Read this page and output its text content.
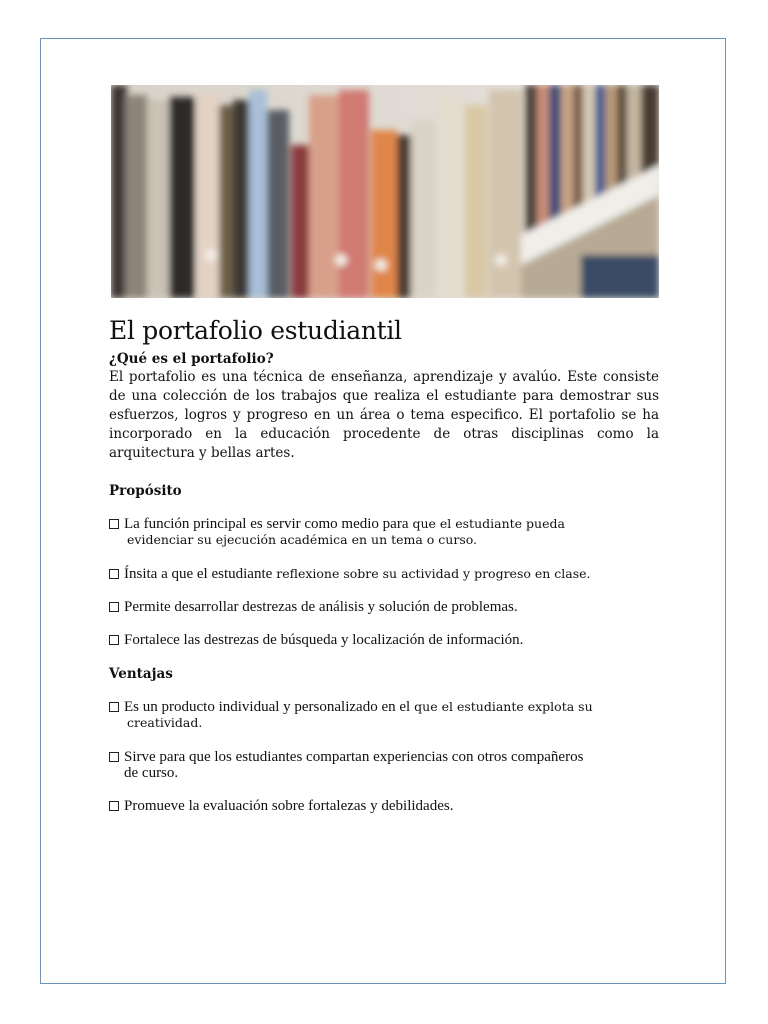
El portafolio estudiantil
¿Qué es el portafolio?

El portafolio es una técnica de enseñanza, aprendizaje y avalúo. Este consiste de una colección de los trabajos que realiza el estudiante para demostrar sus esfuerzos, logros y progreso en un área o tema especifico. El portafolio se ha incorporado en la educación procedente de otras disciplinas como la arquitectura y bellas artes.

Propósito
La función principal es servir como medio para que el estudiante pueda
evidenciar su ejecución académica en un tema o curso.
Ínsita a que el estudiante reflexione sobre su actividad y progreso en clase.
Permite desarrollar destrezas de análisis y solución de problemas.
Fortalece las destrezas de búsqueda y localización de información.
Ventajas
Es un producto individual y personalizado en el que el estudiante explota su
creatividad.
Sirve para que los estudiantes compartan experiencias con otros compañeros
de curso.
Promueve la evaluación sobre fortalezas y debilidades.
